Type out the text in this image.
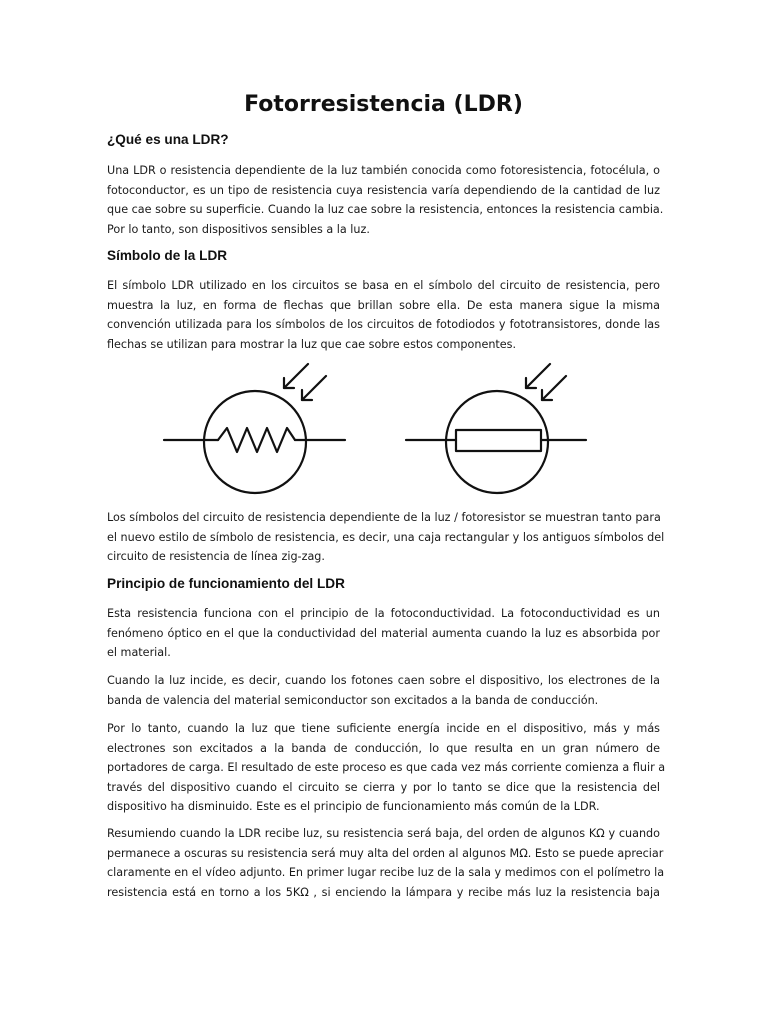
Fotorresistencia (LDR)
¿Qué es una LDR?

Una LDR o resistencia dependiente de la luz también conocida como fotoresistencia, fotocélula, o
fotoconductor, es un tipo de resistencia cuya resistencia varía dependiendo de la cantidad de luz
que cae sobre su superficie. Cuando la luz cae sobre la resistencia, entonces la resistencia cambia.
Por lo tanto, son dispositivos sensibles a la luz.

Símbolo de la LDR

El símbolo LDR utilizado en los circuitos se basa en el símbolo del circuito de resistencia, pero
muestra la luz, en forma de flechas que brillan sobre ella. De esta manera sigue la misma
convención utilizada para los símbolos de los circuitos de fotodiodos y fototransistores, donde las
flechas se utilizan para mostrar la luz que cae sobre estos componentes.

Los símbolos del circuito de resistencia dependiente de la luz / fotoresistor se muestran tanto para
el nuevo estilo de símbolo de resistencia, es decir, una caja rectangular y los antiguos símbolos del
circuito de resistencia de línea zig-zag.

Principio de funcionamiento del LDR

Esta resistencia funciona con el principio de la fotoconductividad. La fotoconductividad es un
fenómeno óptico en el que la conductividad del material aumenta cuando la luz es absorbida por
el material.

Cuando la luz incide, es decir, cuando los fotones caen sobre el dispositivo, los electrones de la
banda de valencia del material semiconductor son excitados a la banda de conducción.

Por lo tanto, cuando la luz que tiene suficiente energía incide en el dispositivo, más y más
electrones son excitados a la banda de conducción, lo que resulta en un gran número de
portadores de carga. El resultado de este proceso es que cada vez más corriente comienza a fluir a
través del dispositivo cuando el circuito se cierra y por lo tanto se dice que la resistencia del
dispositivo ha disminuido. Este es el principio de funcionamiento más común de la LDR.

Resumiendo cuando la LDR recibe luz, su resistencia será baja, del orden de algunos KΩ y cuando
permanece a oscuras su resistencia será muy alta del orden al algunos MΩ. Esto se puede apreciar
claramente en el vídeo adjunto. En primer lugar recibe luz de la sala y medimos con el polímetro la
resistencia está en torno a los 5KΩ , si enciendo la lámpara y recibe más luz la resistencia baja
